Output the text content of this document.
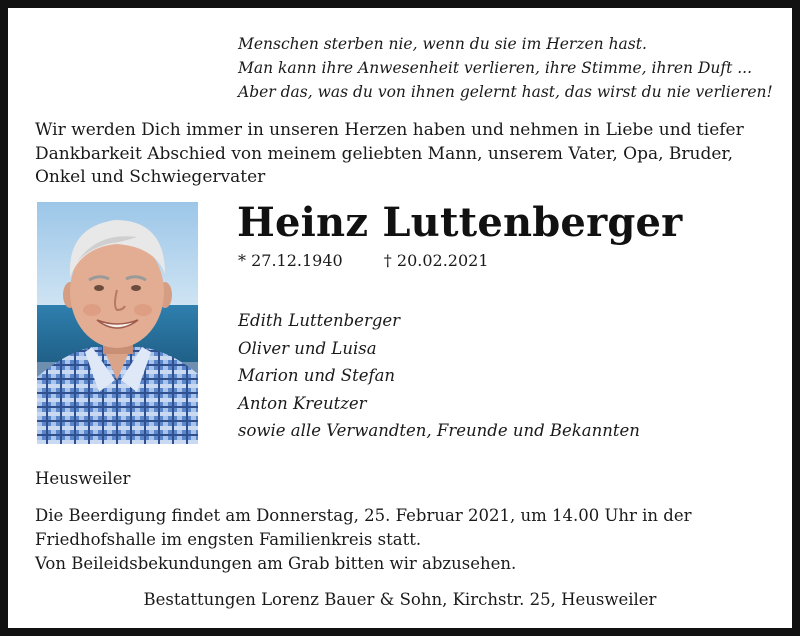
Menschen sterben nie, wenn du sie im Herzen hast.
Man kann ihre Anwesenheit verlieren, ihre Stimme, ihren Duft ...
Aber das, was du von ihnen gelernt hast, das wirst du nie verlieren!
Wir werden Dich immer in unseren Herzen haben und nehmen in Liebe und tiefer
Dankbarkeit Abschied von meinem geliebten Mann, unserem Vater, Opa, Bruder,
Onkel und Schwiegervater
Heinz Luttenberger
* 27.12.1940	† 20.02.2021
Edith Luttenberger
Oliver und Luisa
Marion und Stefan
Anton Kreutzer
sowie alle Verwandten, Freunde und Bekannten
Heusweiler
Die Beerdigung findet am Donnerstag, 25. Februar 2021, um 14.00 Uhr in der
Friedhofshalle im engsten Familienkreis statt.
Von Beileidsbekundungen am Grab bitten wir abzusehen.
Bestattungen Lorenz Bauer & Sohn, Kirchstr. 25, Heusweiler
